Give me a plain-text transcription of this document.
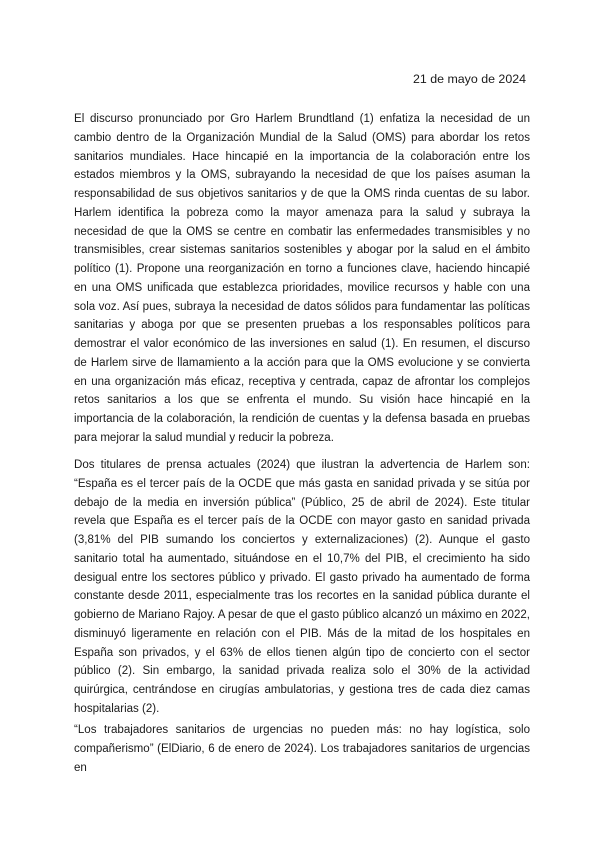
21 de mayo de 2024

El discurso pronunciado por Gro Harlem Brundtland (1) enfatiza la necesidad de un cambio dentro de la Organización Mundial de la Salud (OMS) para abordar los retos sanitarios mundiales. Hace hincapié en la importancia de la colaboración entre los estados miembros y la OMS, subrayando la necesidad de que los países asuman la responsabilidad de sus objetivos sanitarios y de que la OMS rinda cuentas de su labor. Harlem identifica la pobreza como la mayor amenaza para la salud y subraya la necesidad de que la OMS se centre en combatir las enfermedades transmisibles y no transmisibles, crear sistemas sanitarios sostenibles y abogar por la salud en el ámbito político (1). Propone una reorganización en torno a funciones clave, haciendo hincapié en una OMS unificada que establezca prioridades, movilice recursos y hable con una sola voz. Así pues, subraya la necesidad de datos sólidos para fundamentar las políticas sanitarias y aboga por que se presenten pruebas a los responsables políticos para demostrar el valor económico de las inversiones en salud (1). En resumen, el discurso de Harlem sirve de llamamiento a la acción para que la OMS evolucione y se convierta en una organización más eficaz, receptiva y centrada, capaz de afrontar los complejos retos sanitarios a los que se enfrenta el mundo. Su visión hace hincapié en la importancia de la colaboración, la rendición de cuentas y la defensa basada en pruebas para mejorar la salud mundial y reducir la pobreza.

Dos titulares de prensa actuales (2024) que ilustran la advertencia de Harlem son: “España es el tercer país de la OCDE que más gasta en sanidad privada y se sitúa por debajo de la media en inversión pública” (Público, 25 de abril de 2024). Este titular revela que España es el tercer país de la OCDE con mayor gasto en sanidad privada (3,81% del PIB sumando los conciertos y externalizaciones) (2). Aunque el gasto sanitario total ha aumentado, situándose en el 10,7% del PIB, el crecimiento ha sido desigual entre los sectores público y privado. El gasto privado ha aumentado de forma constante desde 2011, especialmente tras los recortes en la sanidad pública durante el gobierno de Mariano Rajoy. A pesar de que el gasto público alcanzó un máximo en 2022, disminuyó ligeramente en relación con el PIB. Más de la mitad de los hospitales en España son privados, y el 63% de ellos tienen algún tipo de concierto con el sector público (2). Sin embargo, la sanidad privada realiza solo el 30% de la actividad quirúrgica, centrándose en cirugías ambulatorias, y gestiona tres de cada diez camas hospitalarias (2).

“Los trabajadores sanitarios de urgencias no pueden más: no hay logística, solo compañerismo” (ElDiario, 6 de enero de 2024). Los trabajadores sanitarios de urgencias en
